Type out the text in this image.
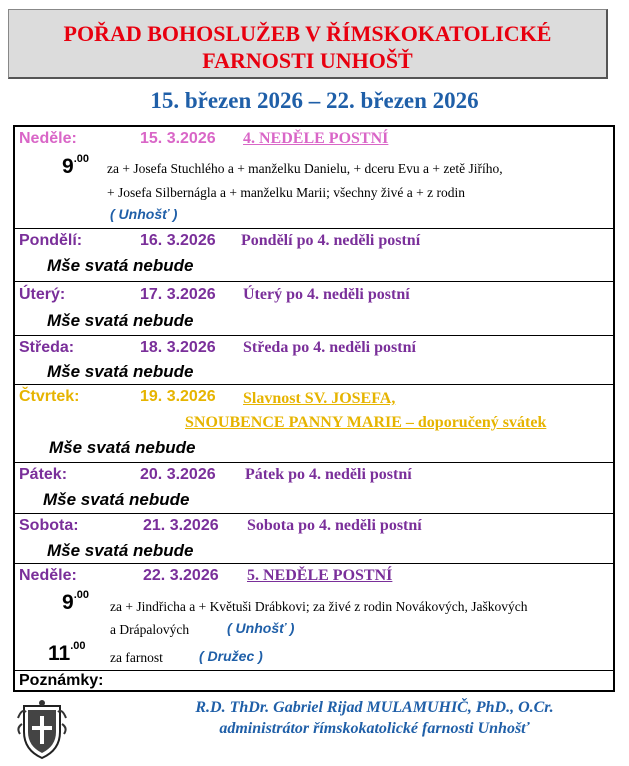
POŘAD BOHOSLUŽEB V ŘÍMSKOKATOLICKÉ
FARNOSTI UNHOŠŤ
15. březen 2026 – 22. březen 2026
Neděle:	15. 3.2026 4. NEDĚLE POSTNÍ
$9^{.00}$
za + Josefa Stuchlého a + manželku Danielu, + dceru Evu a + zetě Jiřího,
+ Josefa Silbernágla a + manželku Marii; všechny živé a + z rodin
( Unhošť )
Pondělí:	16. 3.2026 Pondělí po 4. neděli postní
Mše svatá nebude
Úterý:	17. 3.2026 Úterý po 4. neděli postní
Mše svatá nebude
Středa:	18. 3.2026 Středa po 4. neděli postní
Mše svatá nebude
Čtvrtek:	19. 3.2026 Slavnost SV. JOSEFA,
SNOUBENCE PANNY MARIE – doporučený svátek
Mše svatá nebude
Pátek:	20. 3.2026 Pátek po 4. neděli postní
Mše svatá nebude
Sobota:	21. 3.2026 Sobota po 4. neděli postní
Mše svatá nebude
Neděle:	22. 3.2026 5. NEDĚLE POSTNÍ
$9^{.00}$
za + Jindřicha a + Květuši Drábkovi; za živé z rodin Novákových, Jaškových
a Drápalových	( Unhošť )
$11^{.00}$
za farnost	( Družec )
Poznámky:
R.D. ThDr. Gabriel Rijad MULAMUHIČ, PhD., O.Cr.
administrátor římskokatolické farnosti Unhošť
